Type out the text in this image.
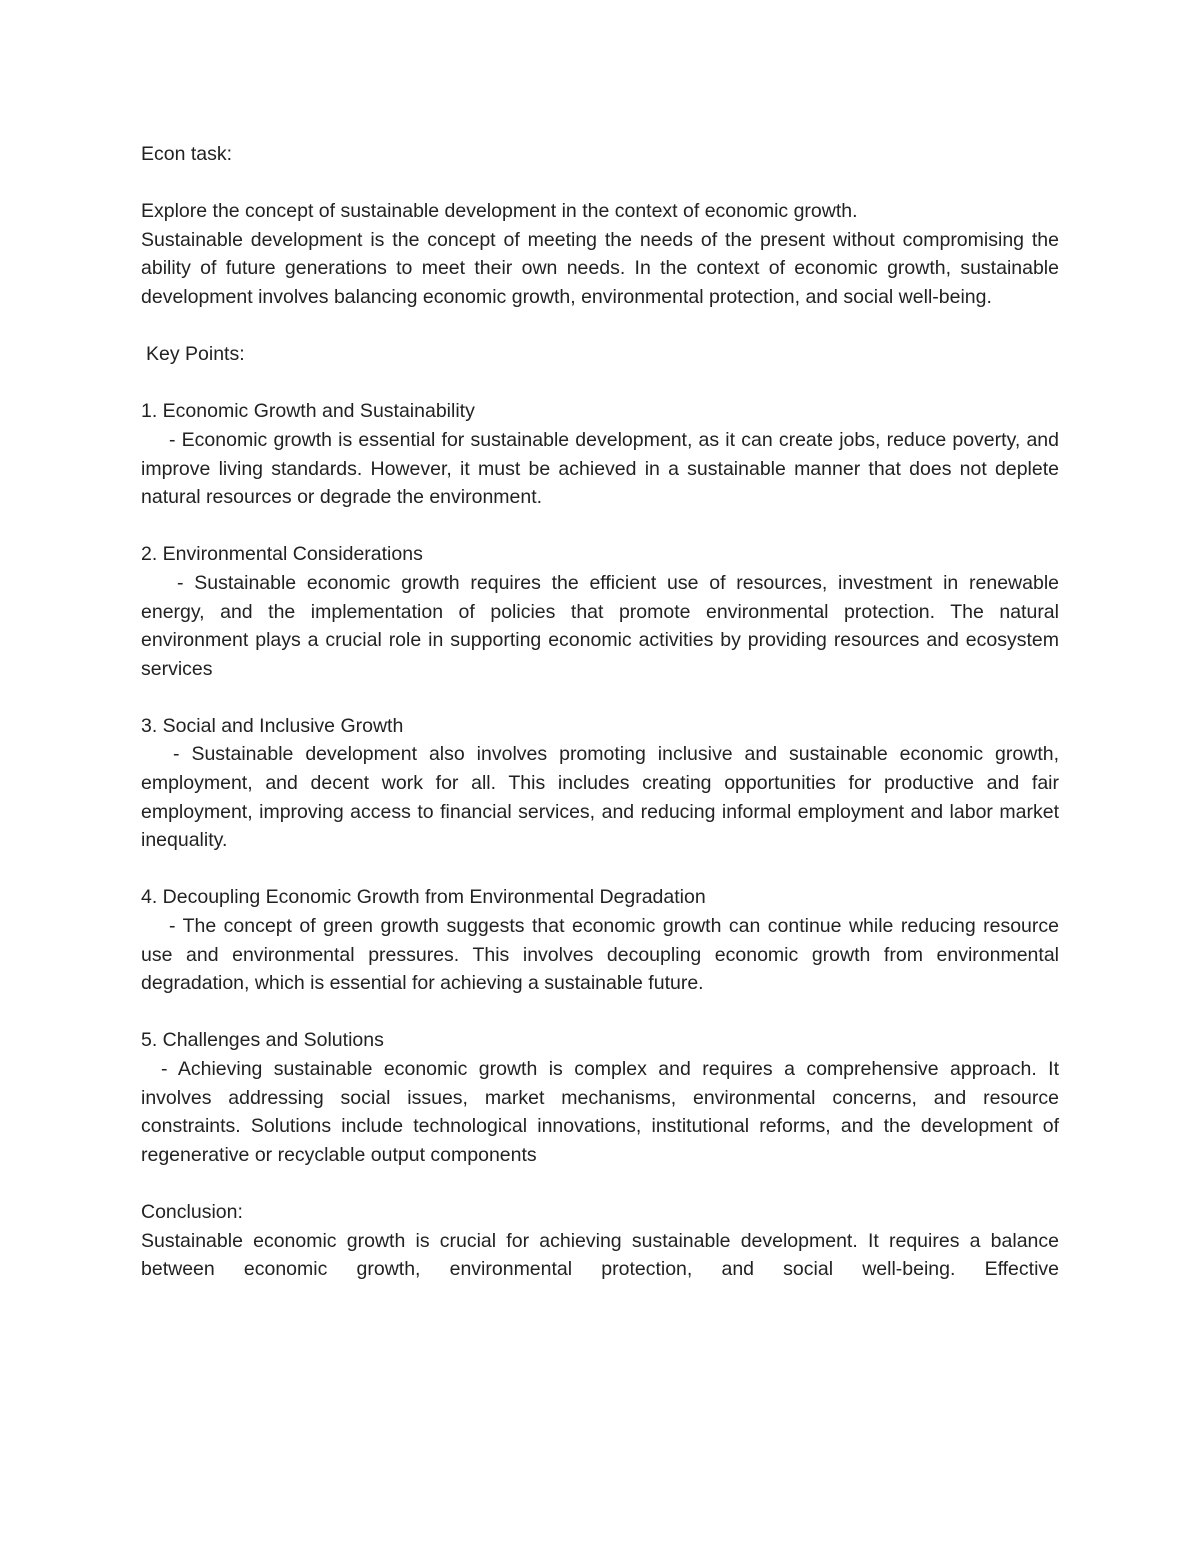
Econ task:

Explore the concept of sustainable development in the context of economic growth.

Sustainable development is the concept of meeting the needs of the present without compromising the ability of future generations to meet their own needs. In the context of economic growth, sustainable development involves balancing economic growth, environmental protection, and social well-being.

Key Points:

1. Economic Growth and Sustainability

- Economic growth is essential for sustainable development, as it can create jobs, reduce poverty, and improve living standards. However, it must be achieved in a sustainable manner that does not deplete natural resources or degrade the environment.

2. Environmental Considerations

- Sustainable economic growth requires the efficient use of resources, investment in renewable energy, and the implementation of policies that promote environmental protection. The natural environment plays a crucial role in supporting economic activities by providing resources and ecosystem services

3. Social and Inclusive Growth

- Sustainable development also involves promoting inclusive and sustainable economic growth, employment, and decent work for all. This includes creating opportunities for productive and fair employment, improving access to financial services, and reducing informal employment and labor market inequality.

4. Decoupling Economic Growth from Environmental Degradation

- The concept of green growth suggests that economic growth can continue while reducing resource use and environmental pressures. This involves decoupling economic growth from environmental degradation, which is essential for achieving a sustainable future.

5. Challenges and Solutions

- Achieving sustainable economic growth is complex and requires a comprehensive approach. It involves addressing social issues, market mechanisms, environmental concerns, and resource constraints. Solutions include technological innovations, institutional reforms, and the development of regenerative or recyclable output components

Conclusion:

Sustainable economic growth is crucial for achieving sustainable development. It requires a balance between economic growth, environmental protection, and social well-being. Effective
